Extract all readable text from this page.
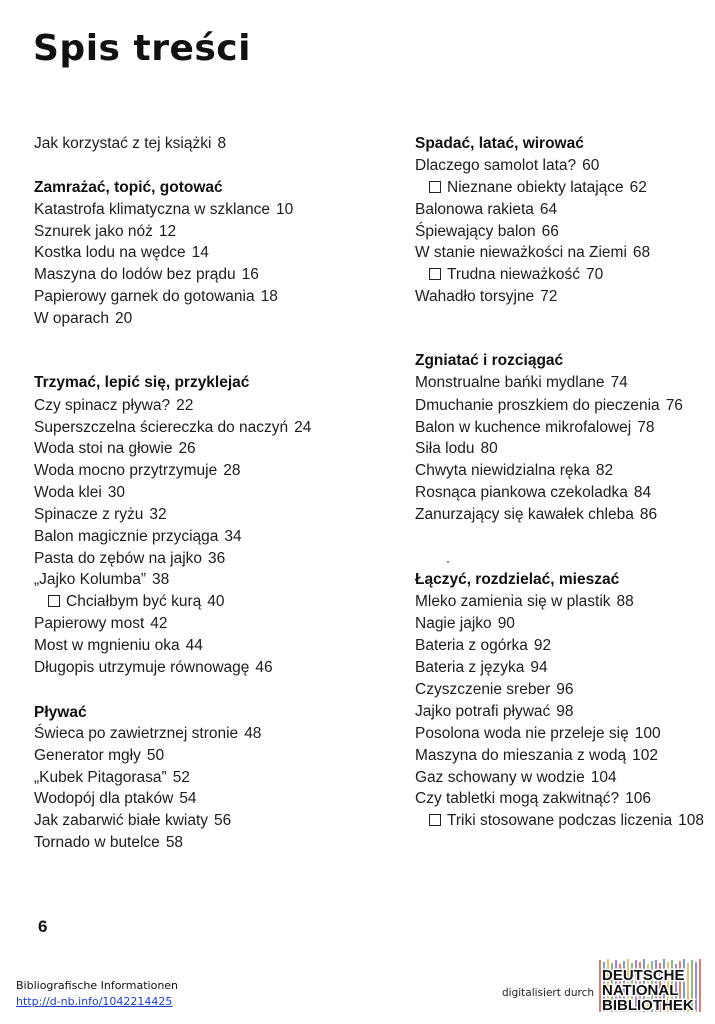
Spis treści
Jak korzystać z tej książki 8
Zamrażać, topić, gotować
Katastrofa klimatyczna w szklance 10
Sznurek jako nóż 12
Kostka lodu na wędce 14
Maszyna do lodów bez prądu 16
Papierowy garnek do gotowania 18
W oparach 20
Trzymać, lepić się, przyklejać
Czy spinacz pływa? 22
Superszczelna ściereczka do naczyń 24
Woda stoi na głowie 26
Woda mocno przytrzymuje 28
Woda klei 30
Spinacze z ryżu 32
Balon magicznie przyciąga 34
Pasta do zębów na jajko 36
„Jajko Kolumba” 38
Chciałbym być kurą 40
Papierowy most 42
Most w mgnieniu oka 44
Długopis utrzymuje równowagę 46
Pływać
Świeca po zawietrznej stronie 48
Generator mgły 50
„Kubek Pitagorasa” 52
Wodopój dla ptaków 54
Jak zabarwić białe kwiaty 56
Tornado w butelce 58
Spadać, latać, wirować
Dlaczego samolot lata? 60
Nieznane obiekty latające 62
Balonowa rakieta 64
Śpiewający balon 66
W stanie nieważkości na Ziemi 68
Trudna nieważkość 70
Wahadło torsyjne 72
Zgniatać i rozciągać
Monstrualne bańki mydlane 74
Dmuchanie proszkiem do pieczenia 76
Balon w kuchence mikrofalowej 78
Siła lodu 80
Chwyta niewidzialna ręka 82
Rosnąca piankowa czekoladka 84
Zanurzający się kawałek chleba 86
Łączyć, rozdzielać, mieszać
Mleko zamienia się w plastik 88
Nagie jajko 90
Bateria z ogórka 92
Bateria z języka 94
Czyszczenie sreber 96
Jajko potrafi pływać 98
Posolona woda nie przeleje się 100
Maszyna do mieszania z wodą 102
Gaz schowany w wodzie 104
Czy tabletki mogą zakwitnąć? 106
Triki stosowane podczas liczenia 108
6
Bibliografische Informationen
http://d-nb.info/1042214425
digitalisiert durch
DEUTSCHE
NATIONAL
BIBLIOTHEK
